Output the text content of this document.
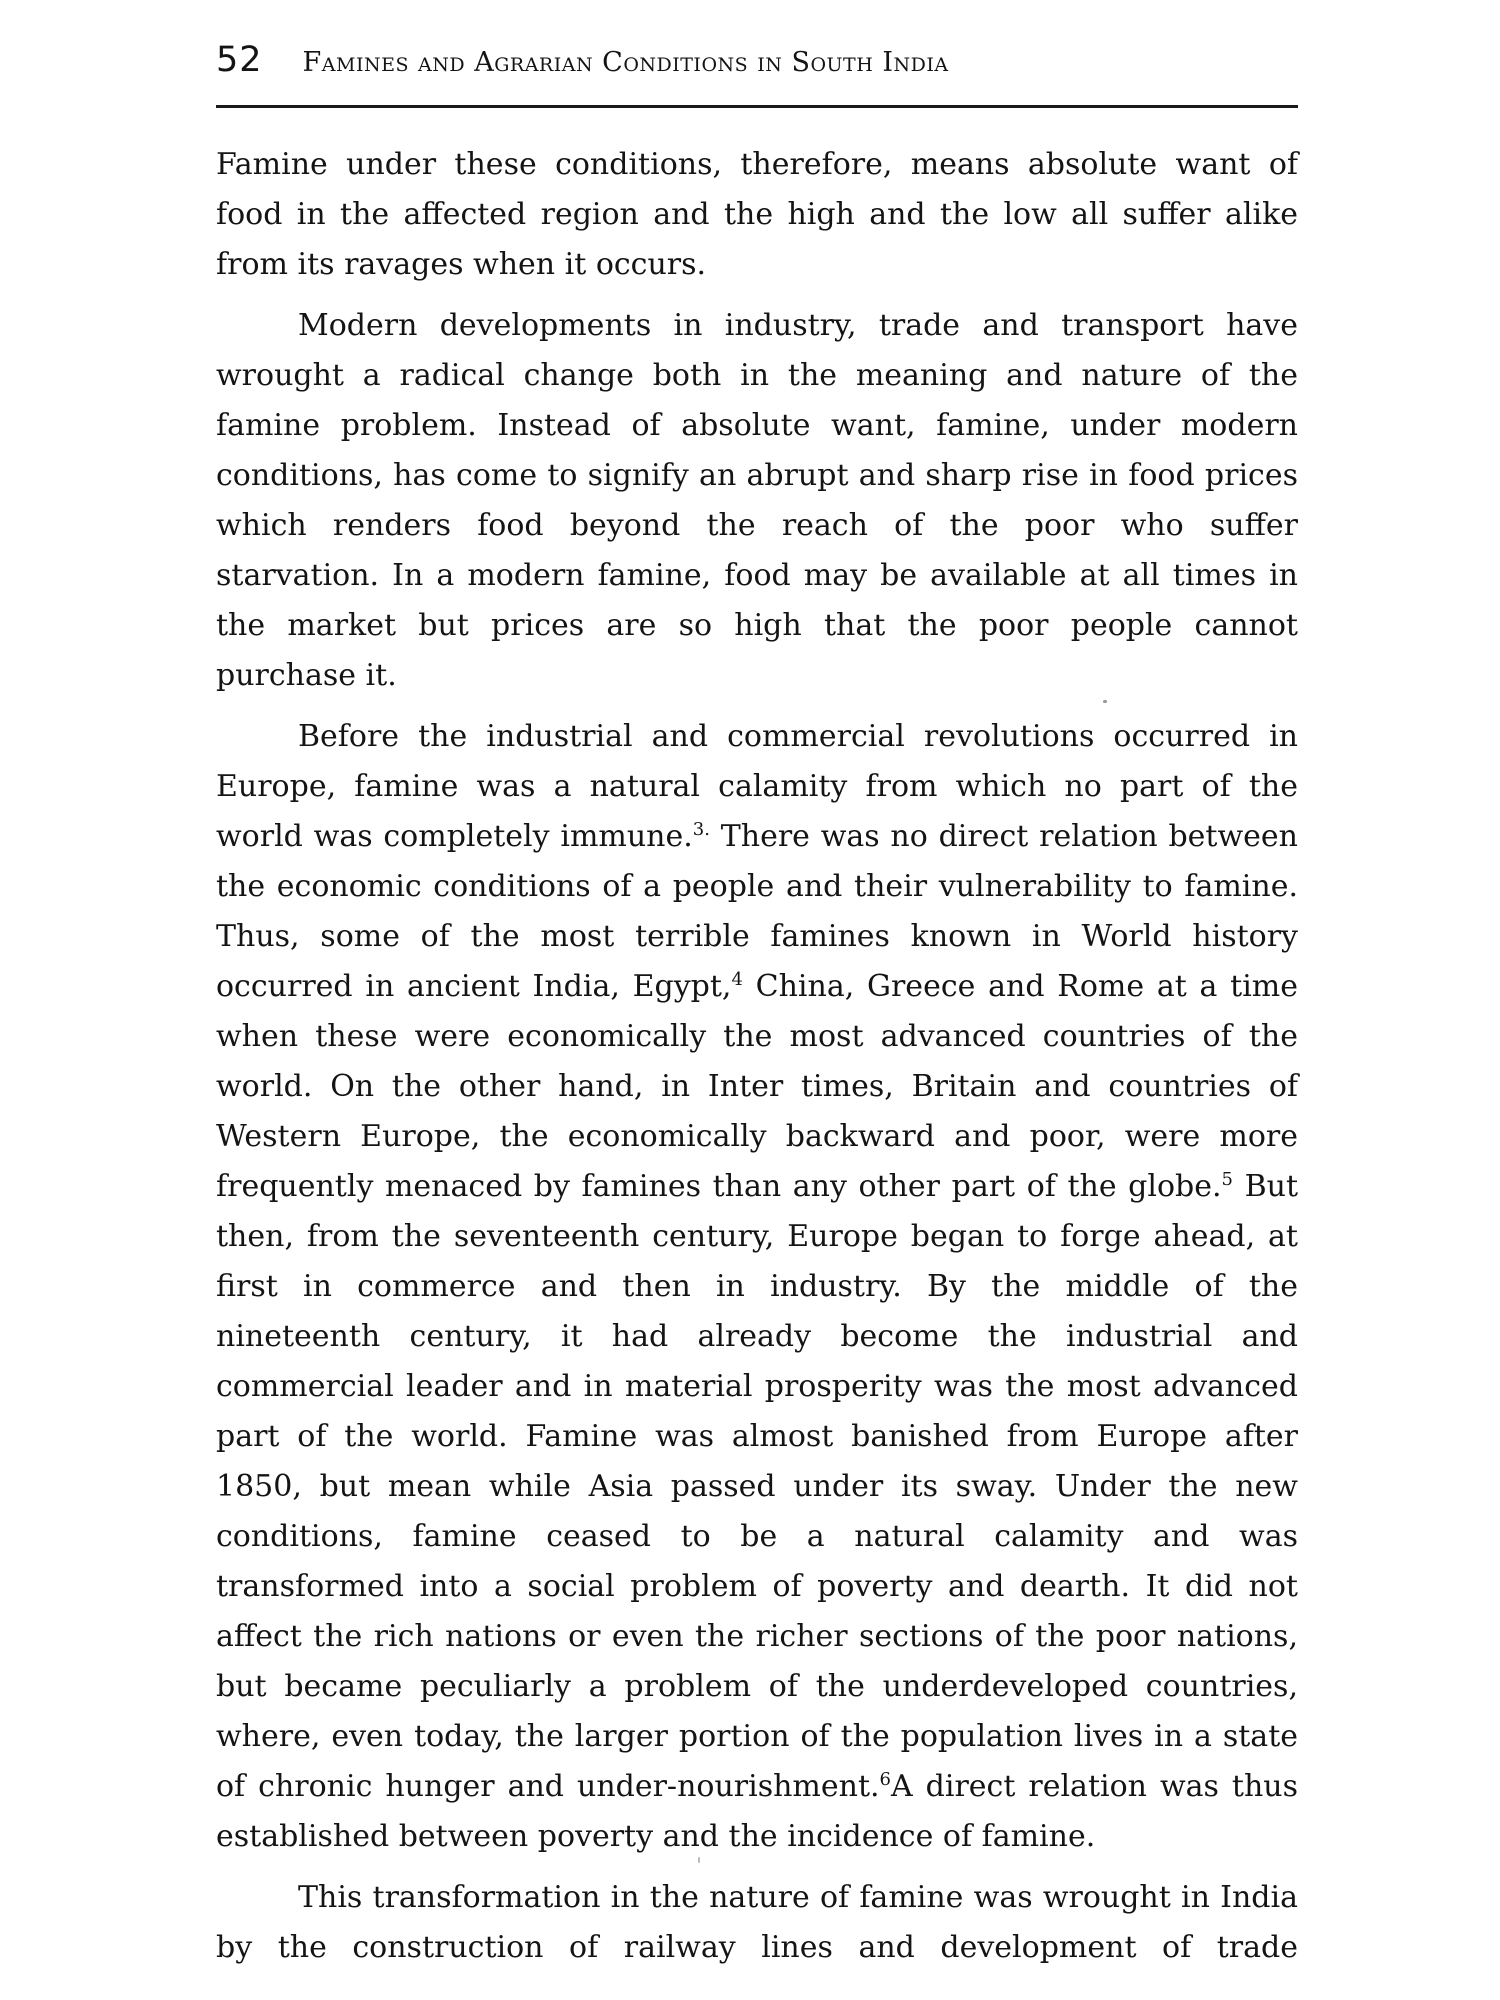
52 Famines and Agrarian Conditions in South India

Famine under these conditions, therefore, means absolute want of food in the affected region and the high and the low all suffer alike from its ravages when it occurs.

Modern developments in industry, trade and transport have wrought a radical change both in the meaning and nature of the famine problem. Instead of absolute want, famine, under modern conditions, has come to signify an abrupt and sharp rise in food prices which renders food beyond the reach of the poor who suffer starvation. In a modern famine, food may be available at all times in the market but prices are so high that the poor people cannot purchase it.

Before the industrial and commercial revolutions occurred in Europe, famine was a natural calamity from which no part of the world was completely immune.$^{3.}$ There was no direct relation between the economic conditions of a people and their vulnerability to famine. Thus, some of the most terrible famines known in World history occurred in ancient India, Egypt,$^4$ China, Greece and Rome at a time when these were economically the most advanced countries of the world. On the other hand, in Inter times, Britain and countries of Western Europe, the economically backward and poor, were more frequently menaced by famines than any other part of the globe.$^5$ But then, from the seventeenth century, Europe began to forge ahead, at first in commerce and then in industry. By the middle of the nineteenth century, it had already become the industrial and commercial leader and in material prosperity was the most advanced part of the world. Famine was almost banished from Europe after 1850, but mean while Asia passed under its sway. Under the new conditions, famine ceased to be a natural calamity and was transformed into a social problem of poverty and dearth. It did not affect the rich nations or even the richer sections of the poor nations, but became peculiarly a problem of the underdeveloped countries, where, even today, the larger portion of the population lives in a state of chronic hunger and under-nourishment.$^6$A direct relation was thus established between poverty and the incidence of famine.

This transformation in the nature of famine was wrought in India by the construction of railway lines and development of trade
